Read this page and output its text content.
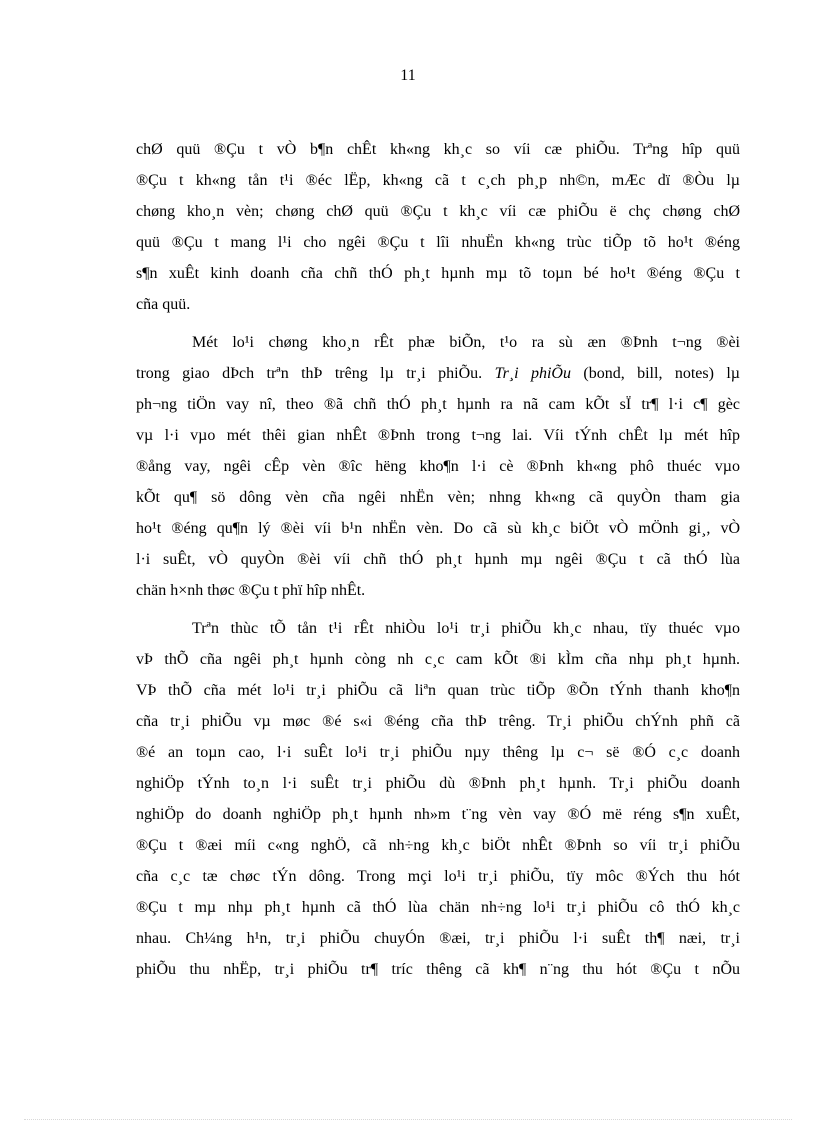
11
chØ quü ®Çu t vÒ b¶n chÊt kh«ng kh¸c so víi cæ phiÕu. Trªng hîp quü
®Çu t kh«ng tån t¹i ®éc lËp, kh«ng cã t c¸ch ph¸p nh©n, mÆc dï ®Òu lµ
chøng kho¸n vèn; chøng chØ quü ®Çu t kh¸c víi cæ phiÕu ë chç chøng chØ
quü ®Çu t mang l¹i cho ngêi ®Çu t lîi nhuËn kh«ng trùc tiÕp tõ ho¹t ®éng
s¶n xuÊt kinh doanh cña chñ thÓ ph¸t hµnh mµ tõ toµn bé ho¹t ®éng ®Çu t
cña quü.
Mét lo¹i chøng kho¸n rÊt phæ biÕn, t¹o ra sù æn ®Þnh t¬ng ®èi
trong giao dÞch trªn thÞ trêng lµ tr¸i phiÕu. Tr¸i phiÕu (bond, bill, notes) lµ
ph¬ng tiÖn vay nî, theo ®ã chñ thÓ ph¸t hµnh ra nã cam kÕt sÏ tr¶ l·i c¶ gèc
vµ l·i vµo mét thêi gian nhÊt ®Þnh trong t¬ng lai. Víi tÝnh chÊt lµ mét hîp
®ång vay, ngêi cÊp vèn ®îc hëng kho¶n l·i cè ®Þnh kh«ng phô thuéc vµo
kÕt qu¶ sö dông vèn cña ngêi nhËn vèn; nhng kh«ng cã quyÒn tham gia
ho¹t ®éng qu¶n lý ®èi víi b¹n nhËn vèn. Do cã sù kh¸c biÖt vÒ mÖnh gi¸, vÒ
l·i suÊt, vÒ quyÒn ®èi víi chñ thÓ ph¸t hµnh mµ ngêi ®Çu t cã thÓ lùa
chän h×nh thøc ®Çu t phï hîp nhÊt.
Trªn thùc tÕ tån t¹i rÊt nhiÒu lo¹i tr¸i phiÕu kh¸c nhau, tïy thuéc vµo
vÞ thÕ cña ngêi ph¸t hµnh còng nh c¸c cam kÕt ®i kÌm cña nhµ ph¸t hµnh.
VÞ thÕ cña mét lo¹i tr¸i phiÕu cã liªn quan trùc tiÕp ®Õn tÝnh thanh kho¶n
cña tr¸i phiÕu vµ møc ®é s«i ®éng cña thÞ trêng. Tr¸i phiÕu chÝnh phñ cã
®é an toµn cao, l·i suÊt lo¹i tr¸i phiÕu nµy thêng lµ c¬ së ®Ó c¸c doanh
nghiÖp tÝnh to¸n l·i suÊt tr¸i phiÕu dù ®Þnh ph¸t hµnh. Tr¸i phiÕu doanh
nghiÖp do doanh nghiÖp ph¸t hµnh nh»m t¨ng vèn vay ®Ó më réng s¶n xuÊt,
®Çu t ®æi míi c«ng nghÖ, cã nh÷ng kh¸c biÖt nhÊt ®Þnh so víi tr¸i phiÕu
cña c¸c tæ chøc tÝn dông. Trong mçi lo¹i tr¸i phiÕu, tïy môc ®Ých thu hót
®Çu t mµ nhµ ph¸t hµnh cã thÓ lùa chän nh÷ng lo¹i tr¸i phiÕu cô thÓ kh¸c
nhau. Ch¼ng h¹n, tr¸i phiÕu chuyÓn ®æi, tr¸i phiÕu l·i suÊt th¶ næi, tr¸i
phiÕu thu nhËp, tr¸i phiÕu tr¶ tríc thêng cã kh¶ n¨ng thu hót ®Çu t nÕu
